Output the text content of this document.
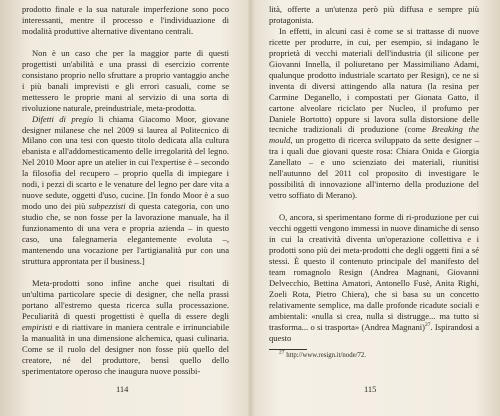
prodotto finale e la sua naturale imperfezione sono poco interessanti, mentre il processo e l'individuazione di modalità produttive alternative diventano centrali.

Non è un caso che per la maggior parte di questi progettisti un'abilità e una prassi di esercizio corrente consistano proprio nello sfruttare a proprio vantaggio anche i più banali imprevisti e gli errori casuali, come se mettessero le proprie mani al servizio di una sorta di rivoluzione naturale, preindustriale, meta-prodotta.

Difetti di pregio li chiama Giacomo Moor, giovane designer milanese che nel 2009 si laurea al Politecnico di Milano con una tesi con questo titolo dedicata alla cultura ebanista e all'addomesticamento delle irregolarità del legno. Nel 2010 Moor apre un atelier in cui l'expertise è – secondo la filosofia del recupero – proprio quella di impiegare i nodi, i pezzi di scarto e le venature del legno per dare vita a nuove sedute, oggetti d'uso, cucine. [In fondo Moor è a suo modo uno dei più subpezzisti di questa categoria, con uno studio che, se non fosse per la lavorazione manuale, ha il funzionamento di una vera e propria azienda – in questo caso, una falegnameria elegantemente evoluta –, mantenendo una vocazione per l'artigianalità pur con una struttura approntata per il business.]

Meta-prodotti sono infine anche quei risultati di un'ultima particolare specie di designer, che nella prassi portano all'estremo questa ricerca sulla processazione. Peculiarità di questi progettisti è quella di essere degli empiristi e di riattivare in maniera centrale e irrinunciabile la manualità in una dimensione alchemica, quasi culinaria. Come se il ruolo del designer non fosse più quello del creatore, né del produttore, bensì quello dello sperimentatore operoso che inaugura nuove possibi-

114

lità, offerte a un'utenza però più diffusa e sempre più protagonista.

In effetti, in alcuni casi è come se si trattasse di nuove ricette per produrre, in cui, per esempio, si indagano le proprietà di vecchi materiali dell'industria (il silicone per Giovanni Innella, il poliuretano per Massimiliano Adami, qualunque prodotto industriale scartato per Resign), ce ne si inventa di diversi attingendo alla natura (la resina per Carmine Deganello, i compostati per Gionata Gatto, il cartone alveolare riciclato per Nucleo, il profumo per Daniele Bortotto) oppure si lavora sulla distorsione delle tecniche tradizionali di produzione (come Breaking the mould, un progetto di ricerca sviluppato da sette designer – tra i quali due giovani queste rosa: Chiara Onida e Giorgia Zanellato – e uno scienziato dei materiali, riunitisi nell'autunno del 2011 col proposito di investigare le possibilità di innovazione all'interno della produzione del vetro soffiato di Merano).

O, ancora, si sperimentano forme di ri-produzione per cui vecchi oggetti vengono immessi in nuove dinamiche di senso in cui la creatività diventa un'operazione collettiva e i prodotti sono più dei meta-prodotti che degli oggetti fini a sé stessi. È questo il contenuto principale del manifesto del team romagnolo Resign (Andrea Magnani, Giovanni Delvecchio, Bettina Amatori, Antonello Fusè, Anita Righi, Zoeli Rota, Pietro Chiera), che si basa su un concetto relativamente semplice, ma dalle profonde ricadute sociali e ambientali: «nulla si crea, nulla si distrugge... ma tutto si trasforma... o si trasporta» (Andrea Magnani)$^{27}$. Ispirandosi a questo

$^{27}$ http://www.resign.it/node/72.
115
